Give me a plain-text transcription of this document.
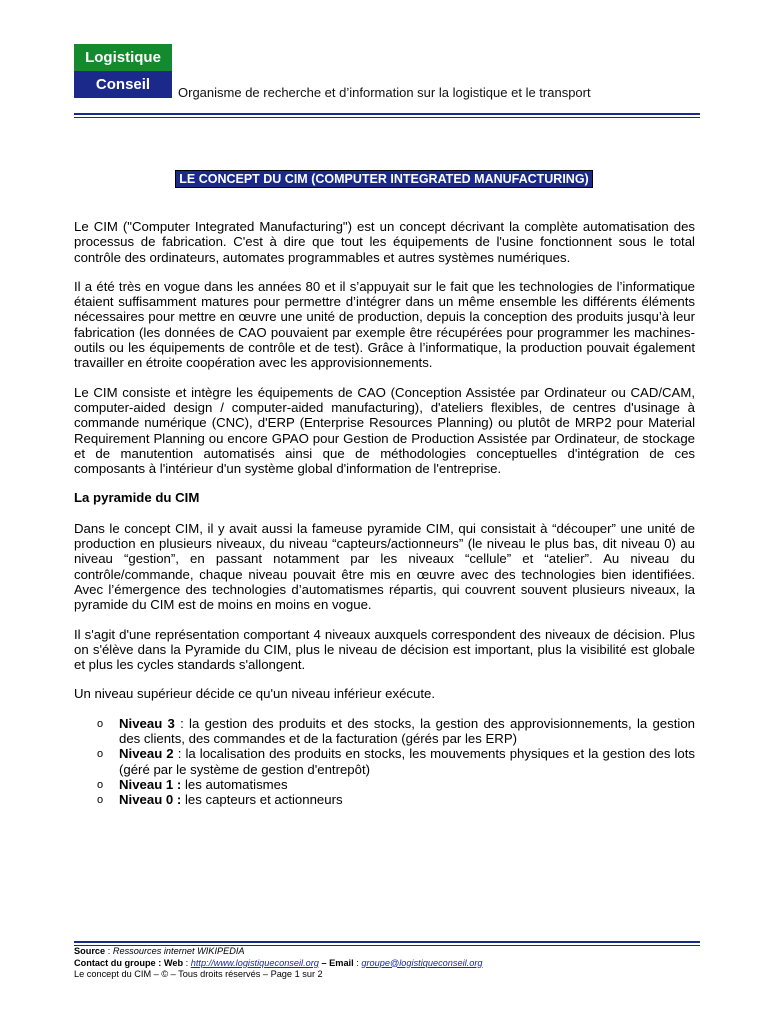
Logistique
Conseil	Organisme de recherche et d’information sur la logistique et le transport
LE CONCEPT DU CIM (COMPUTER INTEGRATED MANUFACTURING)

Le CIM ("Computer Integrated Manufacturing") est un concept décrivant la complète automatisation des processus de fabrication. C'est à dire que tout les équipements de l'usine fonctionnent sous le total contrôle des ordinateurs, automates programmables et autres systèmes numériques.

Il a été très en vogue dans les années 80 et il s’appuyait sur le fait que les technologies de l’informatique étaient suffisamment matures pour permettre d’intégrer dans un même ensemble les différents éléments nécessaires pour mettre en œuvre une unité de production, depuis la conception des produits jusqu’à leur fabrication (les données de CAO pouvaient par exemple être récupérées pour programmer les machines-outils ou les équipements de contrôle et de test). Grâce à l’informatique, la production pouvait également travailler en étroite coopération avec les approvisionnements.

Le CIM consiste et intègre les équipements de CAO (Conception Assistée par Ordinateur ou CAD/CAM, computer-aided design / computer-aided manufacturing), d'ateliers flexibles, de centres d'usinage à commande numérique (CNC), d'ERP (Enterprise Resources Planning) ou plutôt de MRP2 pour Material Requirement Planning ou encore GPAO pour Gestion de Production Assistée par Ordinateur, de stockage et de manutention automatisés ainsi que de méthodologies conceptuelles d'intégration de ces composants à l'intérieur d'un système global d'information de l'entreprise.

La pyramide du CIM

Dans le concept CIM, il y avait aussi la fameuse pyramide CIM, qui consistait à “découper” une unité de production en plusieurs niveaux, du niveau “capteurs/actionneurs” (le niveau le plus bas, dit niveau 0) au niveau “gestion”, en passant notamment par les niveaux “cellule” et “atelier”. Au niveau du contrôle/commande, chaque niveau pouvait être mis en œuvre avec des technologies bien identifiées. Avec l’émergence des technologies d’automatismes répartis, qui couvrent souvent plusieurs niveaux, la pyramide du CIM est de moins en moins en vogue.

Il s'agit d'une représentation comportant 4 niveaux auxquels correspondent des niveaux de décision. Plus on s'élève dans la Pyramide du CIM, plus le niveau de décision est important, plus la visibilité est globale et plus les cycles standards s'allongent.

Un niveau supérieur décide ce qu'un niveau inférieur exécute.

o Niveau 3 : la gestion des produits et des stocks, la gestion des approvisionnements, la gestion des clients, des commandes et de la facturation (gérés par les ERP)
o Niveau 2 : la localisation des produits en stocks, les mouvements physiques et la gestion des lots (géré par le système de gestion d'entrepôt)
o Niveau 1 : les automatismes
o Niveau 0 : les capteurs et actionneurs
Source : Ressources internet WIKIPEDIA
Contact du groupe : Web : http://www.logistiqueconseil.org – Email : groupe@logistiqueconseil.org
Le concept du CIM – © – Tous droits réservés – Page 1 sur 2
